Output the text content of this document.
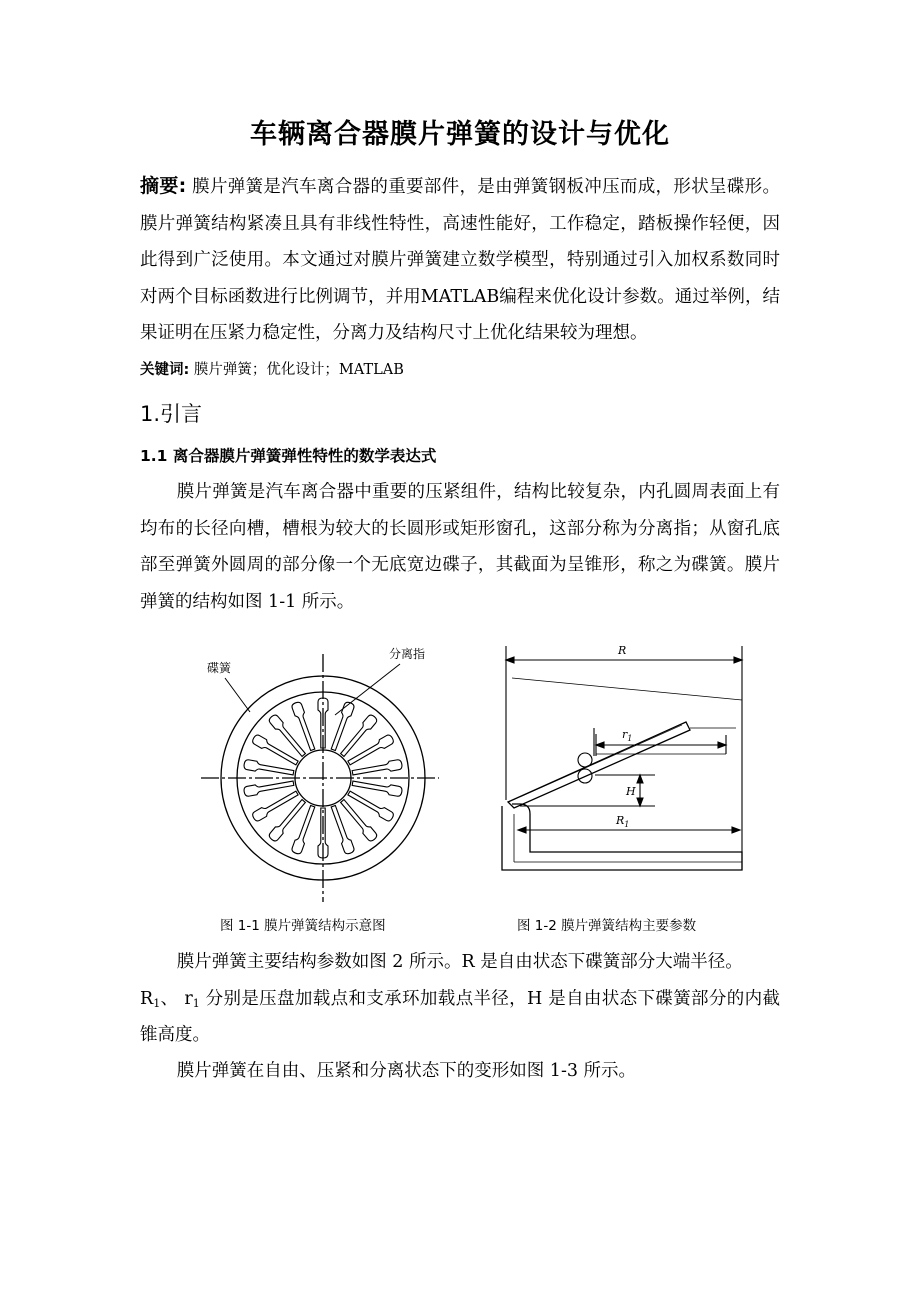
车辆离合器膜片弹簧的设计与优化

摘要: 膜片弹簧是汽车离合器的重要部件，是由弹簧钢板冲压而成，形状呈碟形。膜片弹簧结构紧凑且具有非线性特性，高速性能好，工作稳定，踏板操作轻便，因此得到广泛使用。本文通过对膜片弹簧建立数学模型，特别通过引入加权系数同时对两个目标函数进行比例调节，并用MATLAB编程来优化设计参数。通过举例，结果证明在压紧力稳定性，分离力及结构尺寸上优化结果较为理想。

关键词: 膜片弹簧；优化设计；MATLAB
1.引言
1.1 离合器膜片弹簧弹性特性的数学表达式

膜片弹簧是汽车离合器中重要的压紧组件，结构比较复杂，内孔圆周表面上有均布的长径向槽，槽根为较大的长圆形或矩形窗孔，这部分称为分离指；从窗孔底部至弹簧外圆周的部分像一个无底宽边碟子，其截面为呈锥形，称之为碟簧。膜片弹簧的结构如图 1-1 所示。

碟簧
分离指	R
$r_1$
H
$R_1$
图 1-1 膜片弹簧结构示意图	图 1-2 膜片弹簧结构主要参数

膜片弹簧主要结构参数如图 2 所示。R 是自由状态下碟簧部分大端半径。
$R_1$、 $r_1$ 分别是压盘加载点和支承环加载点半径，H 是自由状态下碟簧部分的内截锥高度。

膜片弹簧在自由、压紧和分离状态下的变形如图 1-3 所示。
